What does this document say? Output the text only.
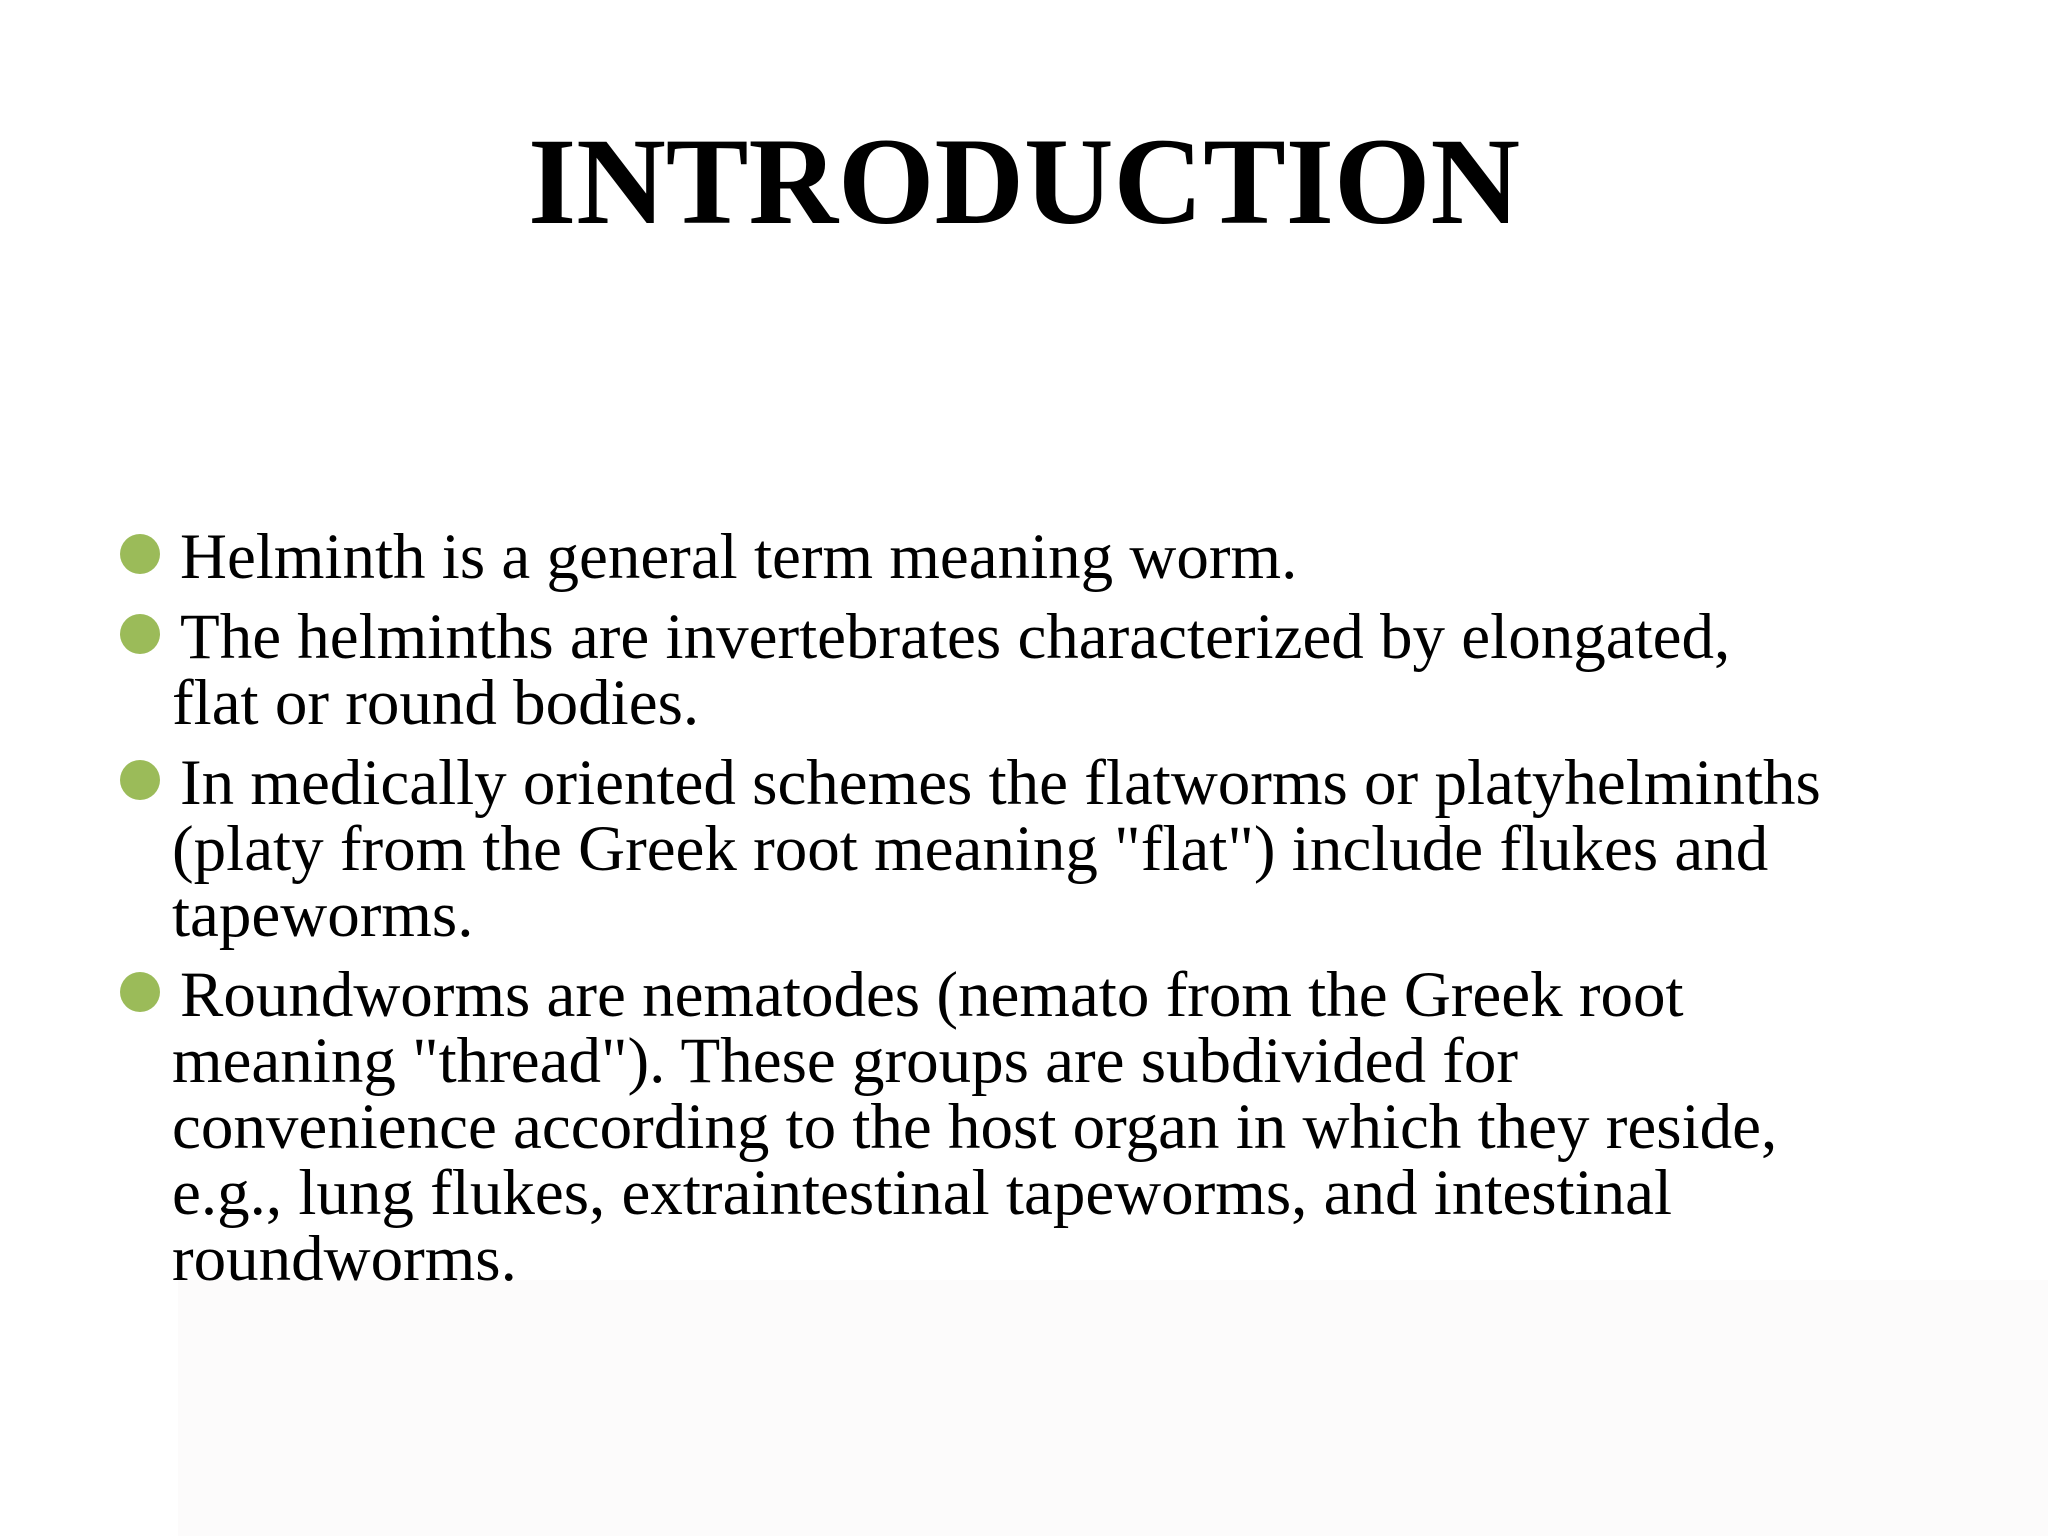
INTRODUCTION
Helminth is a general term meaning worm.
The helminths are invertebrates characterized by elongated,
flat or round bodies.
In medically oriented schemes the flatworms or platyhelminths
(platy from the Greek root meaning "flat") include flukes and
tapeworms.
Roundworms are nematodes (nemato from the Greek root
meaning "thread"). These groups are subdivided for
convenience according to the host organ in which they reside,
e.g., lung flukes, extraintestinal tapeworms, and intestinal
roundworms.
